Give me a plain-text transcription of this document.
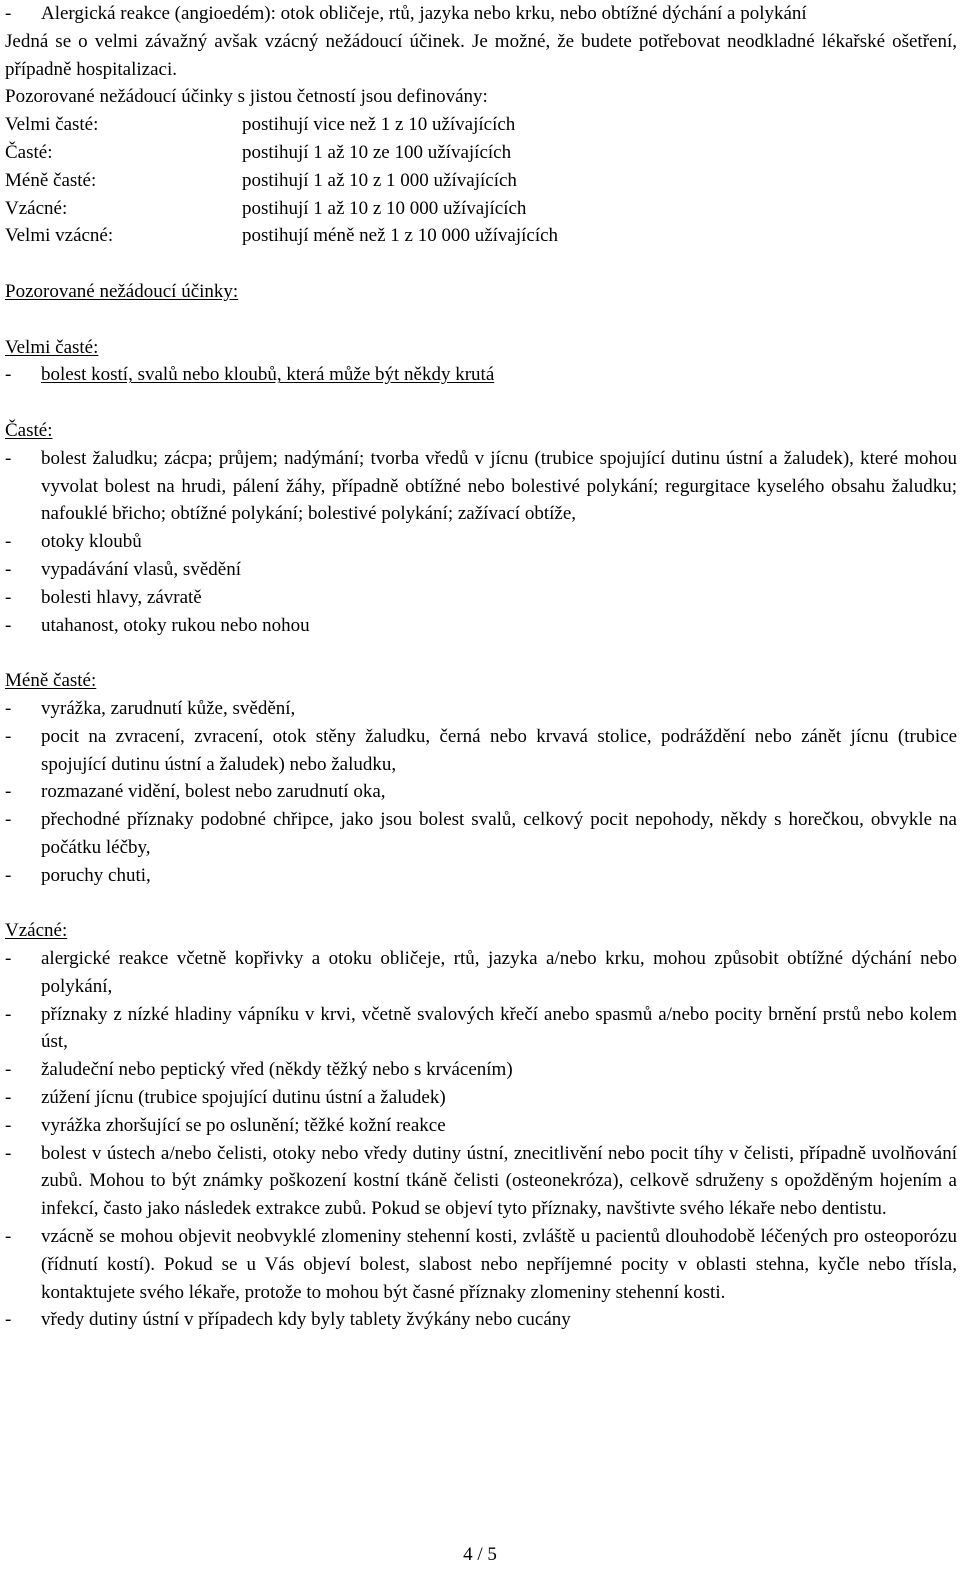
-	Alergická reakce (angioedém): otok obličeje, rtů, jazyka nebo krku, nebo obtížné dýchání a polykání

Jedná se o velmi závažný avšak vzácný nežádoucí účinek. Je možné, že budete potřebovat neodkladné lékařské ošetření, případně hospitalizaci.

Pozorované nežádoucí účinky s jistou četností jsou definovány:

Velmi časté:	postihují vice než 1 z 10 užívajících
Časté:	postihují 1 až 10 ze 100 užívajících
Méně časté:	postihují 1 až 10 z 1 000 užívajících
Vzácné:	postihují 1 až 10 z 10 000 užívajících
Velmi vzácné:	postihují méně než 1 z 10 000 užívajících

Pozorované nežádoucí účinky:

Velmi časté:

-	bolest kostí, svalů nebo kloubů, která může být někdy krutá

Časté:

-	bolest žaludku; zácpa; průjem; nadýmání; tvorba vředů v jícnu (trubice spojující dutinu ústní a žaludek), které mohou vyvolat bolest na hrudi, pálení žáhy, případně obtížné nebo bolestivé polykání; regurgitace kyselého obsahu žaludku; nafouklé břicho; obtížné polykání; bolestivé polykání; zažívací obtíže,
-	otoky kloubů
-	vypadávání vlasů, svědění
-	bolesti hlavy, závratě
-	utahanost, otoky rukou nebo nohou

Méně časté:

-	vyrážka, zarudnutí kůže, svědění,
-	pocit na zvracení, zvracení, otok stěny žaludku, černá nebo krvavá stolice, podráždění nebo zánět jícnu (trubice spojující dutinu ústní a žaludek) nebo žaludku,
-	rozmazané vidění, bolest nebo zarudnutí oka,
-	přechodné příznaky podobné chřipce, jako jsou bolest svalů, celkový pocit nepohody, někdy s horečkou, obvykle na počátku léčby,
-	poruchy chuti,

Vzácné:

-	alergické reakce včetně kopřivky a otoku obličeje, rtů, jazyka a/nebo krku, mohou způsobit obtížné dýchání nebo polykání,
-	příznaky z nízké hladiny vápníku v krvi, včetně svalových křečí anebo spasmů a/nebo pocity brnění prstů nebo kolem úst,
-	žaludeční nebo peptický vřed (někdy těžký nebo s krvácením)
-	zúžení jícnu (trubice spojující dutinu ústní a žaludek)
-	vyrážka zhoršující se po oslunění; těžké kožní reakce
-	bolest v ústech a/nebo čelisti, otoky nebo vředy dutiny ústní, znecitlivění nebo pocit tíhy v čelisti, případně uvolňování zubů. Mohou to být známky poškození kostní tkáně čelisti (osteonekróza), celkově sdruženy s opožděným hojením a infekcí, často jako následek extrakce zubů. Pokud se objeví tyto příznaky, navštivte svého lékaře nebo dentistu.
-	vzácně se mohou objevit neobvyklé zlomeniny stehenní kosti, zvláště u pacientů dlouhodobě léčených pro osteoporózu (řídnutí kostí). Pokud se u Vás objeví bolest, slabost nebo nepříjemné pocity v oblasti stehna, kyčle nebo třísla, kontaktujete svého lékaře, protože to mohou být časné příznaky zlomeniny stehenní kosti.
-	vředy dutiny ústní v případech kdy byly tablety žvýkány nebo cucány
4 / 5
